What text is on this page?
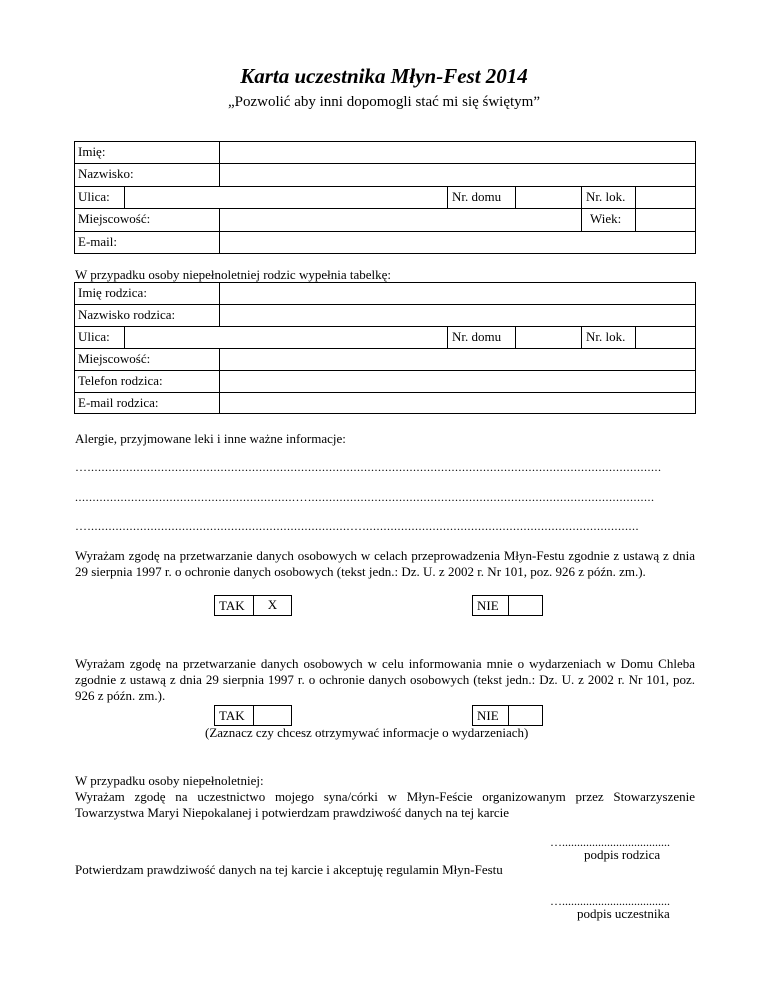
Karta uczestnika Młyn-Fest 2014
„Pozwolić aby inni dopomogli stać mi się świętym”
Imię:
Nazwisko:
Ulica:	Nr. domu	Nr. lok.
Miejscowość:	Wiek:
E-mail:
W przypadku osoby niepełnoletniej rodzic wypełnia tabelkę:
Imię rodzica:
Nazwisko rodzica:
Ulica:	Nr. domu	Nr. lok.
Miejscowość:
Telefon rodzica:
E-mail rodzica:
Alergie, przyjmowane leki i inne ważne informacje:
…....................................................................................................................................................................
...............................................................…...................................................................................................
…...........................................................................…...............................................................................
Wyrażam zgodę na przetwarzanie danych osobowych w celach przeprowadzenia Młyn-Festu zgodnie z ustawą z dnia 29 sierpnia 1997 r. o ochronie danych osobowych (tekst jedn.: Dz. U. z 2002 r. Nr 101, poz. 926 z późn. zm.).
TAK	X	NIE
Wyrażam zgodę na przetwarzanie danych osobowych w celu informowania mnie o wydarzeniach w Domu Chleba zgodnie z ustawą z dnia 29 sierpnia 1997 r. o ochronie danych osobowych (tekst jedn.: Dz. U. z 2002 r. Nr 101, poz. 926 z późn. zm.).
TAK	NIE
(Zaznacz czy chcesz otrzymywać informacje o wydarzeniach)
W przypadku osoby niepełnoletniej:
Wyrażam zgodę na uczestnictwo mojego syna/córki w Młyn-Feście organizowanym przez Stowarzyszenie Towarzystwa Maryi Niepokalanej i potwierdzam prawdziwość danych na tej karcie
…....................................
podpis rodzica
Potwierdzam prawdziwość danych na tej karcie i akceptuję regulamin Młyn-Festu
…....................................
podpis uczestnika
